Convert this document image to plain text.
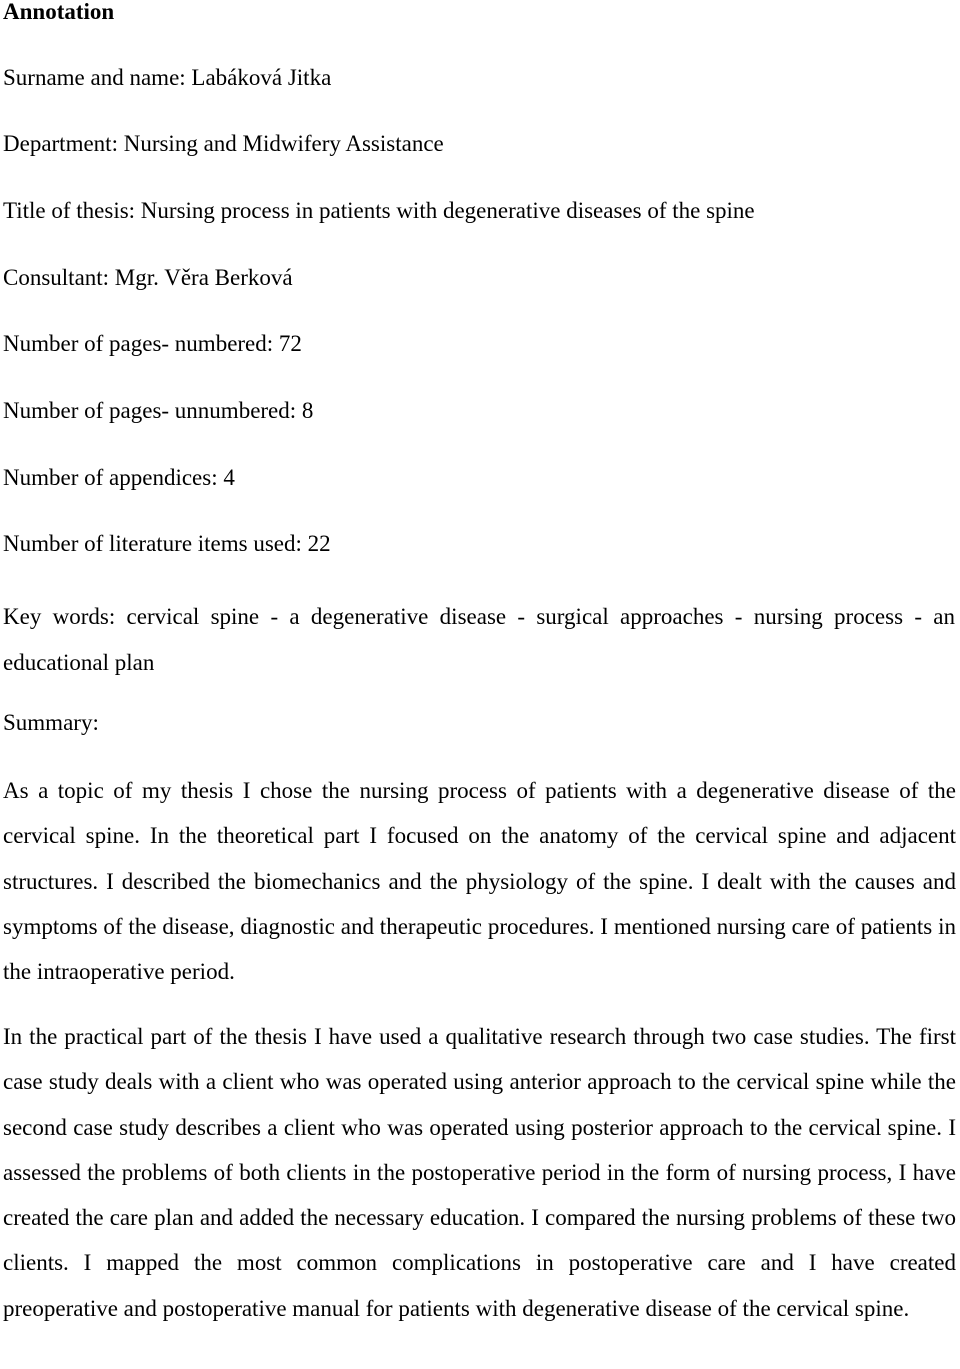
Annotation

Surname and name: Labáková Jitka

Department: Nursing and Midwifery Assistance

Title of thesis: Nursing process in patients with degenerative diseases of the spine

Consultant: Mgr. Věra Berková

Number of pages- numbered: 72

Number of pages- unnumbered: 8

Number of appendices: 4

Number of literature items used: 22

Key words: cervical spine - a degenerative disease - surgical approaches - nursing process - an educational plan

Summary:

As a topic of my thesis I chose the nursing process of patients with a degenerative disease of the cervical spine. In the theoretical part I focused on the anatomy of the cervical spine and adjacent structures. I described the biomechanics and the physiology of the spine. I dealt with the causes and symptoms of the disease, diagnostic and therapeutic procedures. I mentioned nursing care of patients in the intraoperative period.

In the practical part of the thesis I have used a qualitative research through two case studies. The first case study deals with a client who was operated using anterior approach to the cervical spine while the second case study describes a client who was operated using posterior approach to the cervical spine. I assessed the problems of both clients in the postoperative period in the form of nursing process, I have created the care plan and added the necessary education. I compared the nursing problems of these two clients. I mapped the most common complications in postoperative care and I have created preoperative and postoperative manual for patients with degenerative disease of the cervical spine.
